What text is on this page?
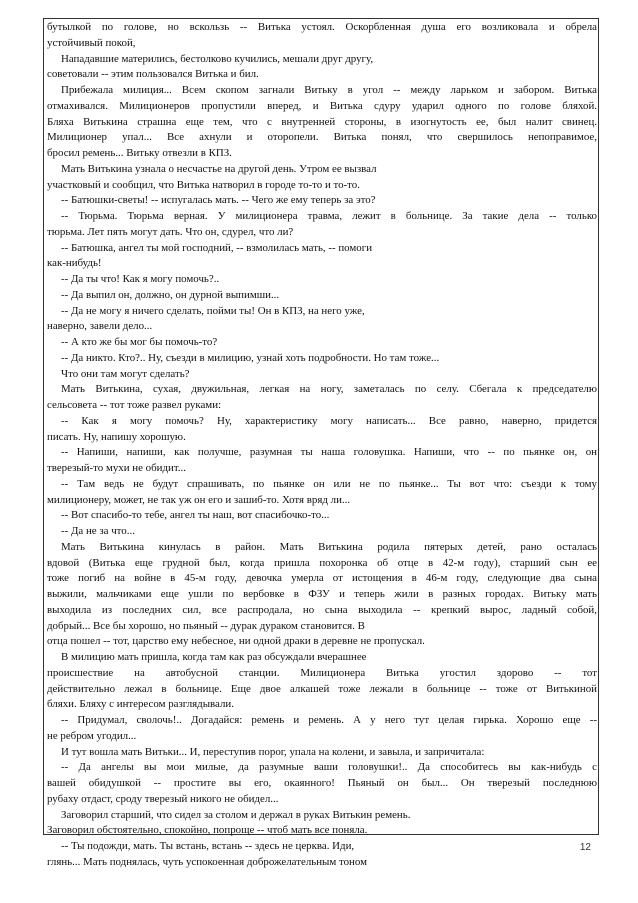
бутылкой по голове, но вскользь -- Витька устоял. Оскорбленная душа его возликовала и обрела
устойчивый покой,
Нападавшие матерились, бестолково кучились, мешали друг другу,
советовали -- этим пользовался Витька и бил.
Прибежала милиция... Всем скопом загнали Витьку в угол -- между ларьком и забором. Витька
отмахивался. Милиционеров пропустили вперед, и Витька сдуру ударил одного по голове бляхой.
Бляха Витькина страшна еще тем, что с внутренней стороны, в изогнутость ее, был налит свинец.
Милиционер упал... Все ахнули и оторопели. Витька понял, что свершилось непоправимое,
бросил ремень... Витьку отвезли в КПЗ.
Мать Витькина узнала о несчастье на другой день. Утром ее вызвал
участковый и сообщил, что Витька натворил в городе то-то и то-то.
-- Батюшки-светы! -- испугалась мать. -- Чего же ему теперь за это?
-- Тюрьма. Тюрьма верная. У милиционера травма, лежит в больнице. За такие дела -- только
тюрьма. Лет пять могут дать. Что он, сдурел, что ли?
-- Батюшка, ангел ты мой господний, -- взмолилась мать, -- помоги
как-нибудь!
-- Да ты что! Как я могу помочь?..
-- Да выпил он, должно, он дурной выпимши...
-- Да не могу я ничего сделать, пойми ты! Он в КПЗ, на него уже,
наверно, завели дело...
-- А кто же бы мог бы помочь-то?
-- Да никто. Кто?.. Ну, съезди в милицию, узнай хоть подробности. Но там тоже...
Что они там могут сделать?
Мать Витькина, сухая, двужильная, легкая на ногу, заметалась по селу. Сбегала к председателю
сельсовета -- тот тоже развел руками:
-- Как я могу помочь? Ну, характеристику могу написать... Все равно, наверно, придется
писать. Ну, напишу хорошую.
-- Напиши, напиши, как получше, разумная ты наша головушка. Напиши, что -- по пьянке он, он
тверезый-то мухи не обидит...
-- Там ведь не будут спрашивать, по пьянке он или не по пьянке... Ты вот что: съезди к тому
милиционеру, может, не так уж он его и зашиб-то. Хотя вряд ли...
-- Вот спасибо-то тебе, ангел ты наш, вот спасибочко-то...
-- Да не за что...
Мать Витькина кинулась в район. Мать Витькина родила пятерых детей, рано осталась
вдовой (Витька еще грудной был, когда пришла похоронка об отце в 42-м году), старший сын ее
тоже погиб на войне в 45-м году, девочка умерла от истощения в 46-м году, следующие два сына
выжили, мальчиками еще ушли по вербовке в ФЗУ и теперь жили в разных городах. Витьку мать
выходила из последних сил, все распродала, но сына выходила -- крепкий вырос, ладный собой,
добрый... Все бы хорошо, но пьяный -- дурак дураком становится. В
отца пошел -- тот, царство ему небесное, ни одной драки в деревне не пропускал.
В милицию мать пришла, когда там как раз обсуждали вчерашнее
происшествие на автобусной станции. Милиционера Витька угостил здорово -- тот
действительно лежал в больнице. Еще двое алкашей тоже лежали в больнице -- тоже от Витькиной
бляхи. Бляху с интересом разглядывали.
-- Придумал, сволочь!.. Догадайся: ремень и ремень. А у него тут целая гирька. Хорошо еще --
не ребром угодил...
И тут вошла мать Витьки... И, переступив порог, упала на колени, и завыла, и запричитала:
-- Да ангелы вы мои милые, да разумные ваши головушки!.. Да способитесь вы как-нибудь с
вашей обидушкой -- простите вы его, окаянного! Пьяный он был... Он тверезый последнюю
рубаху отдаст, сроду тверезый никого не обидел...
Заговорил старший, что сидел за столом и держал в руках Витькин ремень.
Заговорил обстоятельно, спокойно, попроще -- чтоб мать все поняла.
-- Ты подожди, мать. Ты встань, встань -- здесь не церква. Иди,
глянь... Мать поднялась, чуть успокоенная доброжелательным тоном
12
